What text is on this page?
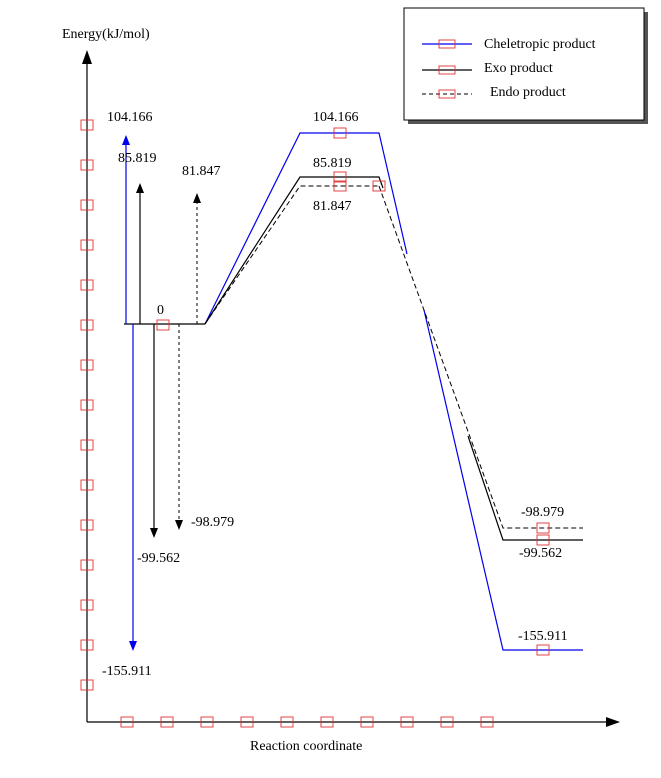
Energy(kJ/mol)
Reaction coordinate
Cheletropic product
Exo product
Endo product
0
104.166
85.819
81.847
-98.979
-99.562
-155.911
104.166
-155.911
85.819
-99.562
81.847
-98.979
